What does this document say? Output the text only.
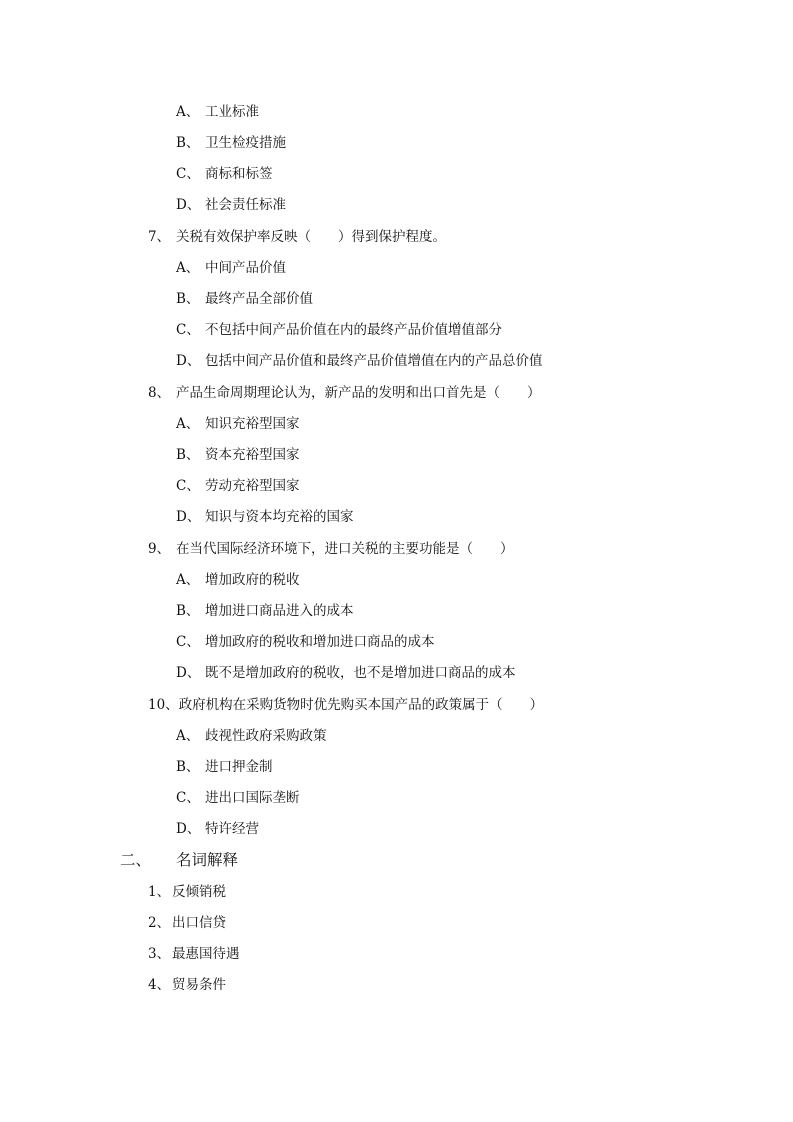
A、 工业标准
B、 卫生检疫措施
C、 商标和标签
D、 社会责任标准
7、 关税有效保护率反映（　　）得到保护程度。
A、 中间产品价值
B、 最终产品全部价值
C、 不包括中间产品价值在内的最终产品价值增值部分
D、 包括中间产品价值和最终产品价值增值在内的产品总价值
8、 产品生命周期理论认为，新产品的发明和出口首先是（　　）
A、 知识充裕型国家
B、 资本充裕型国家
C、 劳动充裕型国家
D、 知识与资本均充裕的国家
9、 在当代国际经济环境下，进口关税的主要功能是（　　）
A、 增加政府的税收
B、 增加进口商品进入的成本
C、 增加政府的税收和增加进口商品的成本
D、 既不是增加政府的税收，也不是增加进口商品的成本
10、政府机构在采购货物时优先购买本国产品的政策属于（　　）
A、 歧视性政府采购政策
B、 进口押金制
C、 进出口国际垄断
D、 特许经营
二、 名词解释
1、 反倾销税
2、 出口信贷
3、 最惠国待遇
4、 贸易条件
